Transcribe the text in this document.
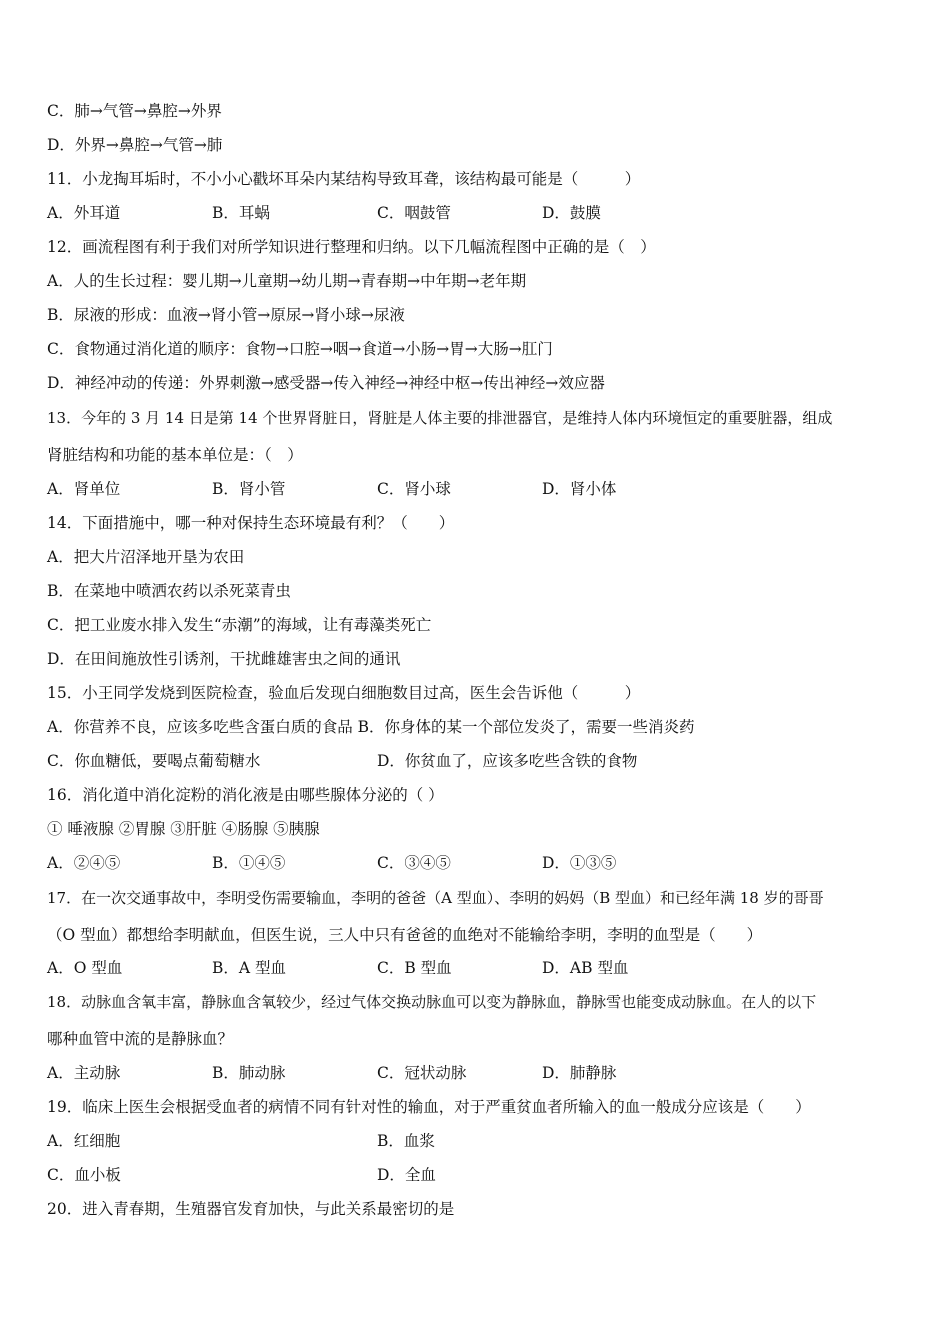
C．肺→气管→鼻腔→外界
D．外界→鼻腔→气管→肺
11．小龙掏耳垢时，不小小心戳坏耳朵内某结构导致耳聋，该结构最可能是（　　　）
A．外耳道	B．耳蜗	C．咽鼓管	D．鼓膜
12．画流程图有利于我们对所学知识进行整理和归纳。以下几幅流程图中正确的是（　）
A．人的生长过程：婴儿期→儿童期→幼儿期→青春期→中年期→老年期
B．尿液的形成：血液→肾小管→原尿→肾小球→尿液
C．食物通过消化道的顺序：食物→口腔→咽→食道→小肠→胃→大肠→肛门
D．神经冲动的传递：外界刺激→感受器→传入神经→神经中枢→传出神经→效应器
13．今年的 3 月 14 日是第 14 个世界肾脏日，肾脏是人体主要的排泄器官，是维持人体内环境恒定的重要脏器，组成
肾脏结构和功能的基本单位是：（　）
A．肾单位	B．肾小管	C．肾小球	D．肾小体
14．下面措施中，哪一种对保持生态环境最有利？（　　）
A．把大片沼泽地开垦为农田
B．在菜地中喷洒农药以杀死菜青虫
C．把工业废水排入发生“赤潮”的海域，让有毒藻类死亡
D．在田间施放性引诱剂，干扰雌雄害虫之间的通讯
15．小王同学发烧到医院检查，验血后发现白细胞数目过高，医生会告诉他（　　　）
A．你营养不良，应该多吃些含蛋白质的食品 B．你身体的某一个部位发炎了，需要一些消炎药
C．你血糖低，要喝点葡萄糖水	D．你贫血了，应该多吃些含铁的食物
16．消化道中消化淀粉的消化液是由哪些腺体分泌的（ ）
① 唾液腺 ②胃腺 ③肝脏 ④肠腺 ⑤胰腺
A．②④⑤	B．①④⑤	C．③④⑤	D．①③⑤
17．在一次交通事故中，李明受伤需要输血，李明的爸爸（A 型血）、李明的妈妈（B 型血）和已经年满 18 岁的哥哥
（O 型血）都想给李明献血，但医生说，三人中只有爸爸的血绝对不能输给李明，李明的血型是（　　）
A．O 型血	B．A 型血	C．B 型血	D．AB 型血
18．动脉血含氧丰富，静脉血含氧较少，经过气体交换动脉血可以变为静脉血，静脉雪也能变成动脉血。在人的以下
哪种血管中流的是静脉血？
A．主动脉	B．肺动脉	C．冠状动脉	D．肺静脉
19．临床上医生会根据受血者的病情不同有针对性的输血，对于严重贫血者所输入的血一般成分应该是（　　）
A．红细胞	B．血浆
C．血小板	D．全血
20．进入青春期，生殖器官发育加快，与此关系最密切的是
